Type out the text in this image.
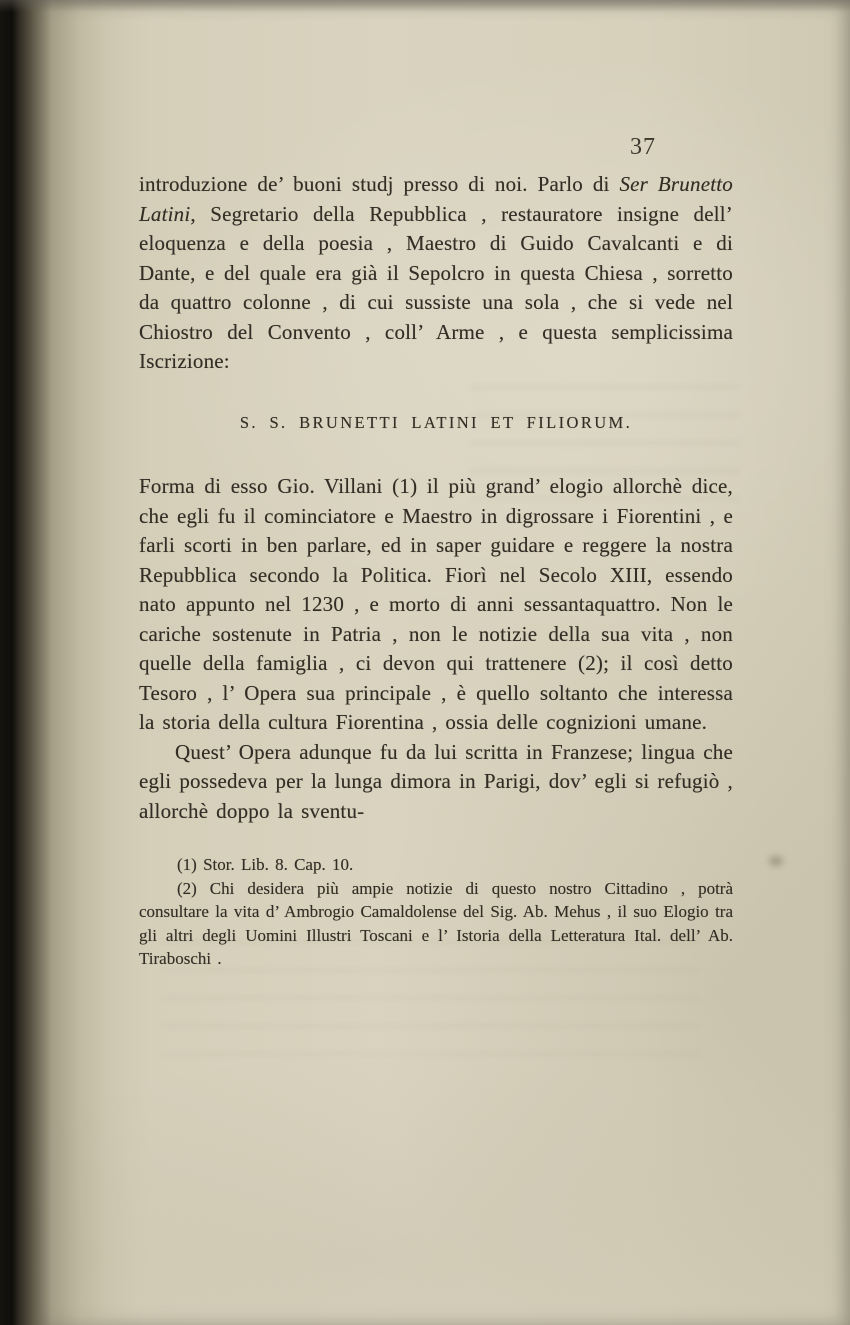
37

introduzione de’ buoni studj presso di noi. Parlo di Ser Brunetto Latini, Segretario della Repubblica , restauratore insigne dell’ eloquenza e della poesia , Maestro di Guido Cavalcanti e di Dante, e del quale era già il Sepolcro in questa Chiesa , sorretto da quattro colonne , di cui sussiste una sola , che si vede nel Chiostro del Convento , coll’ Arme , e questa semplicissima Iscrizione:

S. S. BRUNETTI LATINI ET FILIORUM.

Forma di esso Gio. Villani (1) il più grand’ elogio allorchè dice, che egli fu il cominciatore e Maestro in digrossare i Fiorentini , e farli scorti in ben parlare, ed in saper guidare e reggere la nostra Repubblica secondo la Politica. Fiorì nel Secolo XIII, essendo nato appunto nel 1230 , e morto di anni sessantaquattro. Non le cariche sostenute in Patria , non le notizie della sua vita , non quelle della famiglia , ci devon qui trattenere (2); il così detto Tesoro , l’ Opera sua principale , è quello soltanto che interessa la storia della cultura Fiorentina , ossia delle cognizioni umane.

Quest’ Opera adunque fu da lui scritta in Franzese; lingua che egli possedeva per la lunga dimora in Parigi, dov’ egli si refugiò , allorchè doppo la sventu-

(1) Stor. Lib. 8. Cap. 10.

(2) Chi desidera più ampie notizie di questo nostro Cittadino , potrà consultare la vita d’ Ambrogio Camaldolense del Sig. Ab. Mehus , il suo Elogio tra gli altri degli Uomini Illustri Toscani e l’ Istoria della Letteratura Ital. dell’ Ab. Tiraboschi .
